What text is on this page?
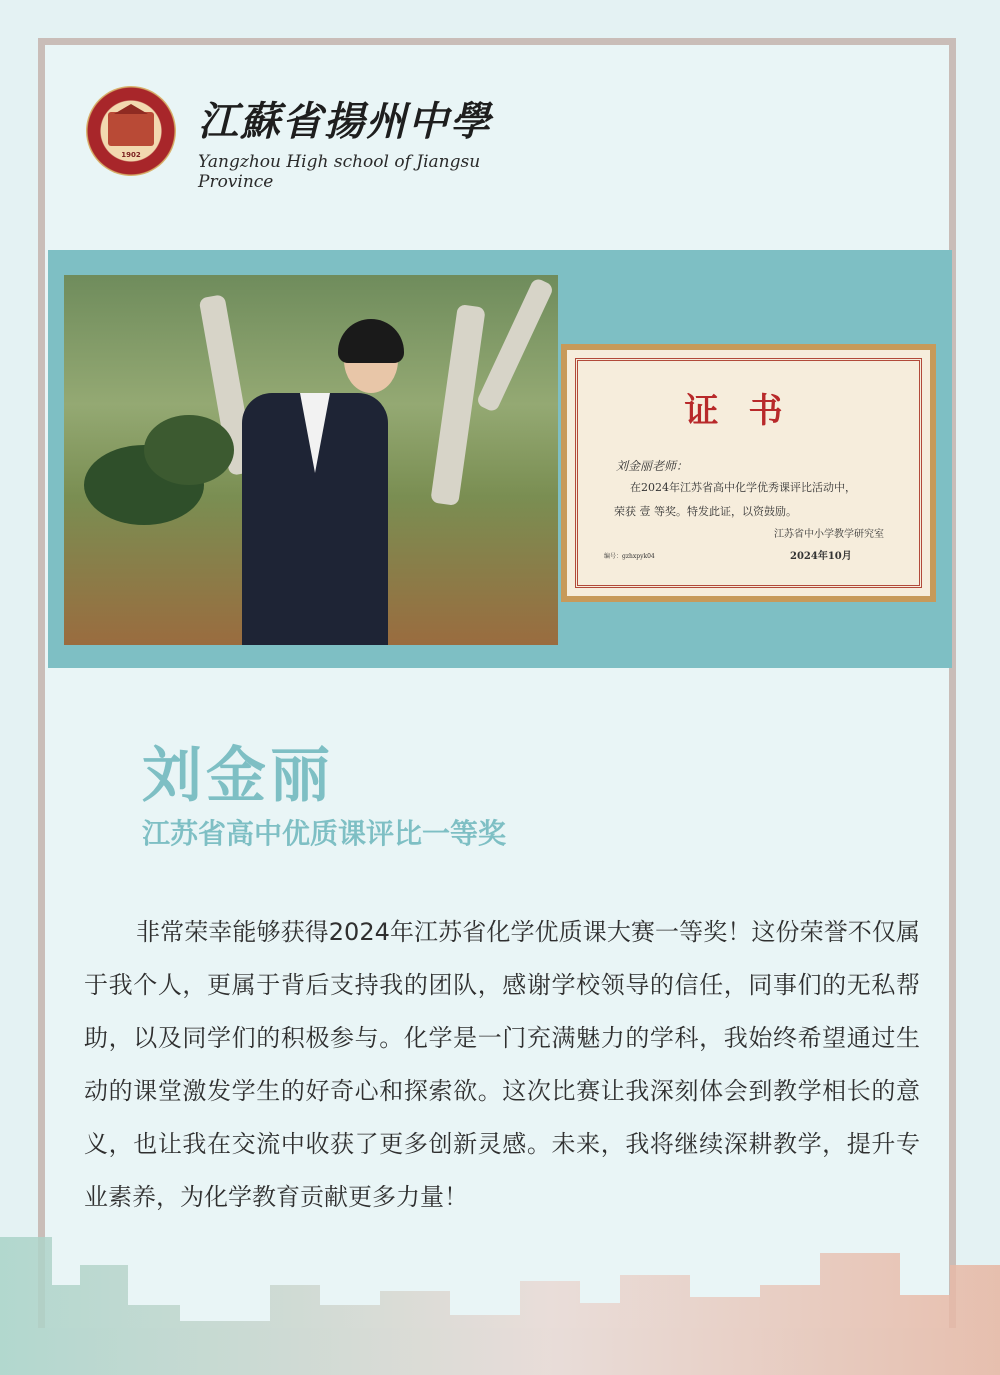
1902
江蘇省揚州中學
Yangzhou High school of Jiangsu Province
证书
刘金丽老师：
在2024年江苏省高中化学优秀课评比活动中，
荣获 壹 等奖。特发此证，以资鼓励。
江苏省中小学教学研究室
编号：gzhxpyk04	2024年10月
刘金丽
江苏省高中优质课评比一等奖

非常荣幸能够获得2024年江苏省化学优质课大赛一等奖！这份荣誉不仅属于我个人，更属于背后支持我的团队，感谢学校领导的信任，同事们的无私帮助，以及同学们的积极参与。化学是一门充满魅力的学科，我始终希望通过生动的课堂激发学生的好奇心和探索欲。这次比赛让我深刻体会到教学相长的意义，也让我在交流中收获了更多创新灵感。未来，我将继续深耕教学，提升专业素养，为化学教育贡献更多力量！
